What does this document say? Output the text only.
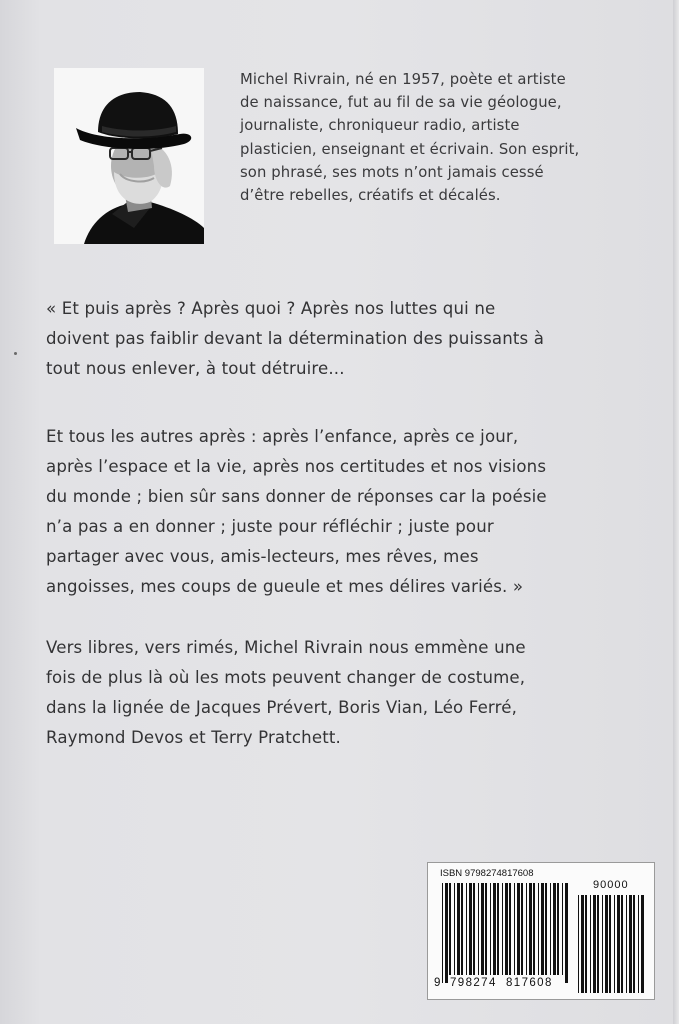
Michel Rivrain, né en 1957, poète et artiste
de naissance, fut au fil de sa vie géologue,
journaliste, chroniqueur radio, artiste
plasticien, enseignant et écrivain. Son esprit,
son phrasé, ses mots n’ont jamais cessé
d’être rebelles, créatifs et décalés.
« Et puis après ? Après quoi ? Après nos luttes qui ne
doivent pas faiblir devant la détermination des puissants à
tout nous enlever, à tout détruire...
Et tous les autres après : après l’enfance, après ce jour,
après l’espace et la vie, après nos certitudes et nos visions
du monde ; bien sûr sans donner de réponses car la poésie
n’a pas a en donner ; juste pour réfléchir ; juste pour
partager avec vous, amis-lecteurs, mes rêves, mes
angoisses, mes coups de gueule et mes délires variés. »
Vers libres, vers rimés, Michel Rivrain nous emmène une
fois de plus là où les mots peuvent changer de costume,
dans la lignée de Jacques Prévert, Boris Vian, Léo Ferré,
Raymond Devos et Terry Pratchett.
ISBN 9798274817608
90000
9 798274 817608
